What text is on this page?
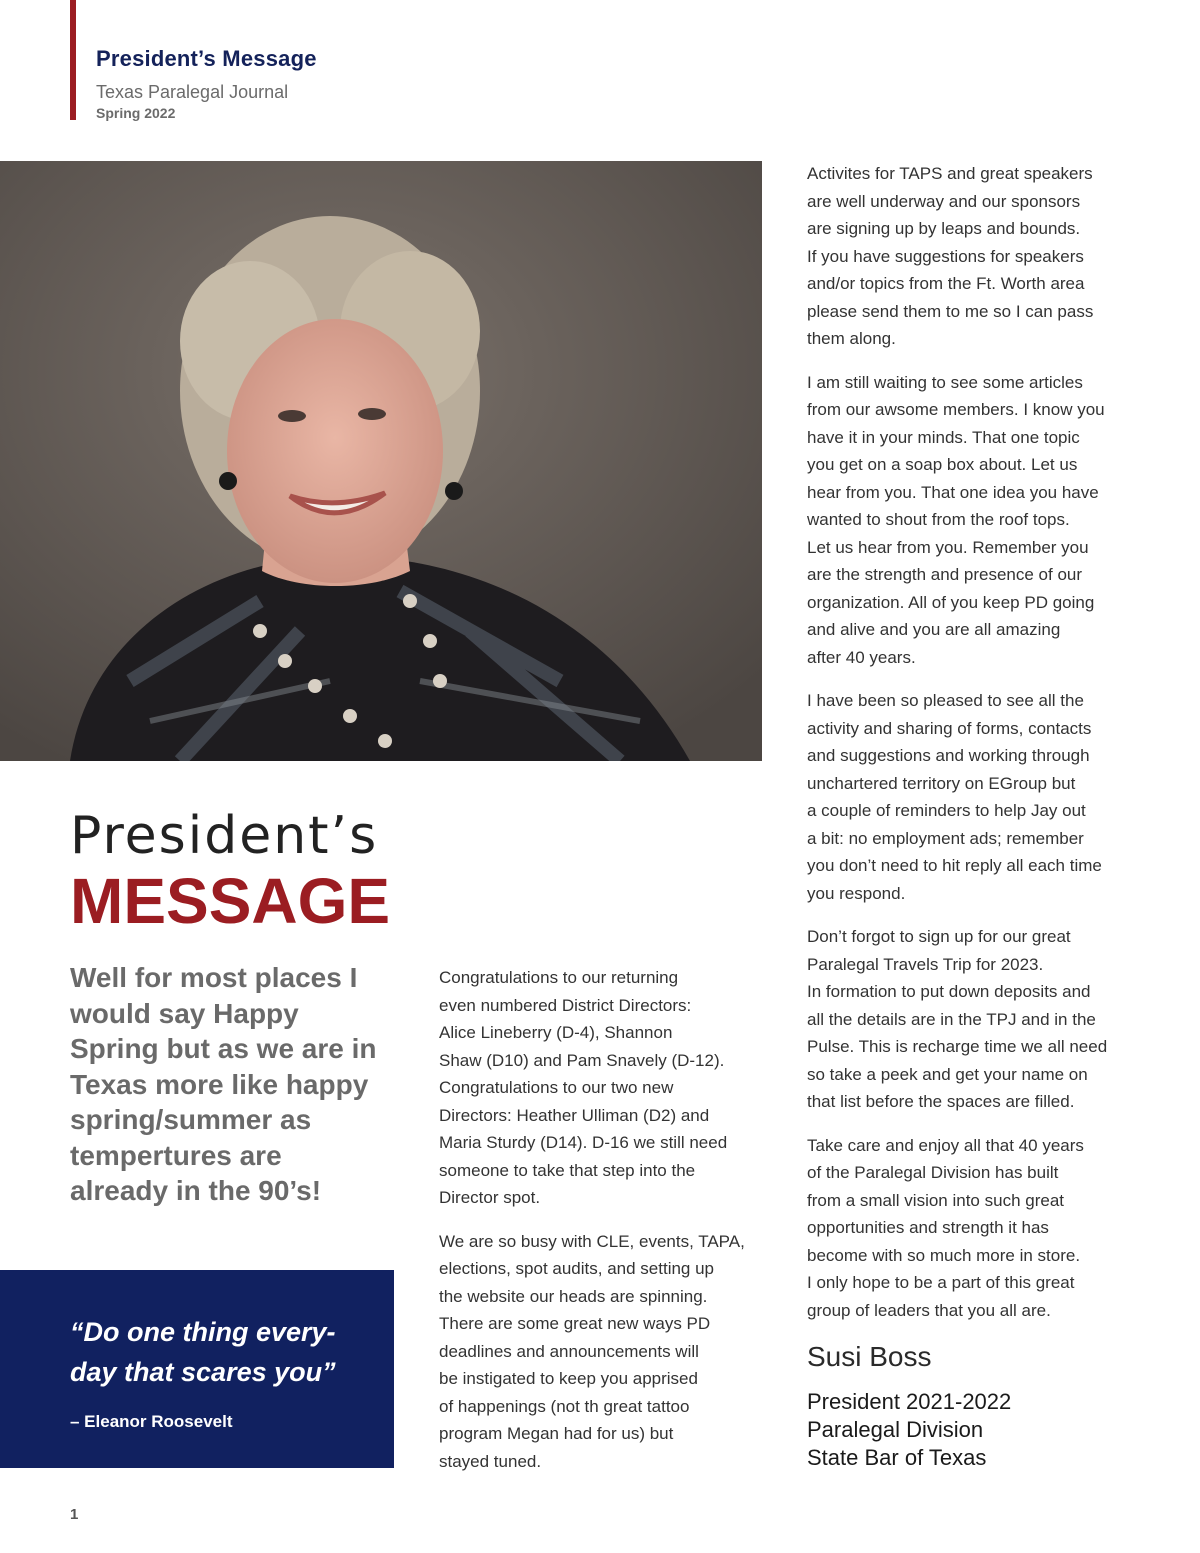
President’s Message
Texas Paralegal Journal
Spring 2022
President’s
MESSAGE
Well for most places I would say Happy Spring but as we are in Texas more like happy spring/summer as tempertures are already in the 90’s!
“Do one thing every-
day that scares you”
– Eleanor Roosevelt

Congratulations to our returning
even numbered District Directors:
Alice Lineberry (D-4), Shannon
Shaw (D10) and Pam Snavely (D-12).
Congratulations to our two new
Directors: Heather Ulliman (D2) and
Maria Sturdy (D14). D-16 we still need
someone to take that step into the
Director spot.

We are so busy with CLE, events, TAPA,
elections, spot audits, and setting up
the website our heads are spinning.
There are some great new ways PD
deadlines and announcements will
be instigated to keep you apprised
of happenings (not th great tattoo
program Megan had for us) but
stayed tuned.

Activites for TAPS and great speakers
are well underway and our sponsors
are signing up by leaps and bounds.
If you have suggestions for speakers
and/or topics from the Ft. Worth area
please send them to me so I can pass
them along.

I am still waiting to see some articles
from our awsome members. I know you
have it in your minds. That one topic
you get on a soap box about. Let us
hear from you. That one idea you have
wanted to shout from the roof tops.
Let us hear from you. Remember you
are the strength and presence of our
organization. All of you keep PD going
and alive and you are all amazing
after 40 years.

I have been so pleased to see all the
activity and sharing of forms, contacts
and suggestions and working through
unchartered territory on EGroup but
a couple of reminders to help Jay out
a bit: no employment ads; remember
you don’t need to hit reply all each time
you respond.

Don’t forgot to sign up for our great
Paralegal Travels Trip for 2023.
In formation to put down deposits and
all the details are in the TPJ and in the
Pulse. This is recharge time we all need
so take a peek and get your name on
that list before the spaces are filled.

Take care and enjoy all that 40 years
of the Paralegal Division has built
from a small vision into such great
opportunities and strength it has
become with so much more in store.
I only hope to be a part of this great
group of leaders that you all are.

Susi Boss
President 2021-2022
Paralegal Division
State Bar of Texas
1
